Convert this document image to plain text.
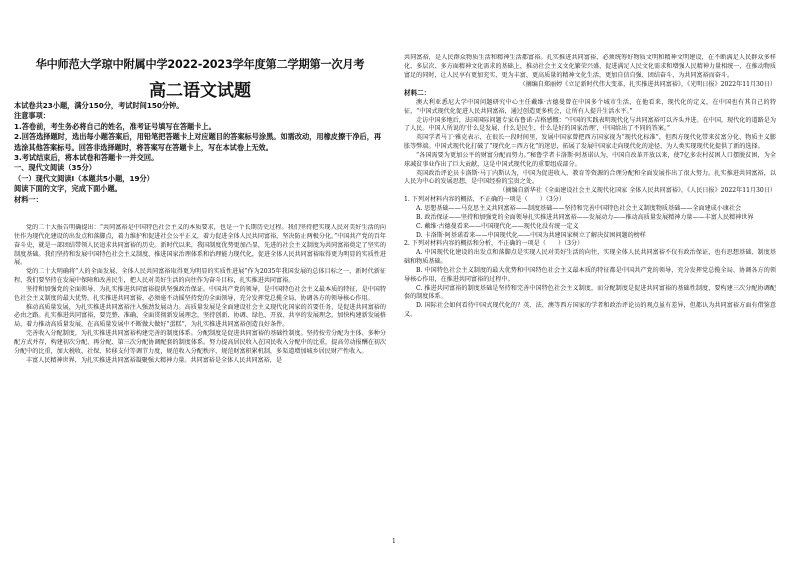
华中师范大学琼中附属中学2022-2023学年度第二学期第一次月考
高二语文试题
本试卷共23小题，满分150分，考试时间150分钟。
注意事项：
1.答卷前，考生务必将自己的姓名，准考证号填写在答题卡上。
2.回答选择题时，选出每小题答案后，用铅笔把答题卡上对应题目的答案标号涂黑。如需改动，用橡皮擦干净后，再选涂其他答案标号。回答非选择题时，将答案写在答题卡上，写在本试卷上无效。
3.考试结束后，将本试卷和答题卡一并交回。
一、现代文阅读（35分）
（一）现代文阅读Ⅰ（本题共5小题，19分）
阅读下面的文字，完成下面小题。
材料一：

党的二十大报告明确提出：“共同富裕是中国特色社会主义的本质要求，也是一个长期历史过程。我们坚持把实现人民对美好生活的向往作为现代化建设的出发点和落脚点，着力维护和促进社会公平正义，着力促进全体人民共同富裕，坚决防止两极分化。”中国共产党的百年奋斗史，就是一部团结带领人民追求共同富裕的历史。新时代以来，我国制度优势更加凸显，先进的社会主义制度为共同富裕奠定了坚实的制度基础。我们坚持和发展中国特色社会主义制度，推进国家治理体系和治理能力现代化，促进全体人民共同富裕取得更为明显的实质性进展。

党的二十大明确将“人的全面发展、全体人民共同富裕取得更为明显的实质性进展”作为2035年我国发展的总体目标之一，新时代新征程，我们要坚持在发展中保障和改善民生，把人民对美好生活的向往作为奋斗目标，扎实推进共同富裕。

坚持和加强党的全面领导，为扎实推进共同富裕提供坚强政治保证。中国共产党的领导，是中国特色社会主义最本质的特征，是中国特色社会主义制度的最大优势。扎实推进共同富裕，必须毫不动摇坚持党的全面领导，充分发挥党总揽全局、协调各方的领导核心作用。

推动高质量发展，为扎实推进共同富裕注入强劲发展动力。高质量发展是全面建设社会主义现代化国家的首要任务，是促进共同富裕的必由之路。扎实推进共同富裕，要完整、准确、全面贯彻新发展理念，坚持创新、协调、绿色、开放、共享的发展理念，加快构建新发展格局，着力推动高质量发展，在高质量发展中不断做大做好“蛋糕”，为扎实推进共同富裕创造良好条件。

完善收入分配制度，为扎实推进共同富裕构建完善的制度体系。分配制度是促进共同富裕的基础性制度。坚持按劳分配为主体、多种分配方式并存，构建初次分配、再分配、第三次分配协调配套的制度体系。努力提高居民收入在国民收入分配中的比重，提高劳动报酬在初次分配中的比重，加大税收、社保、转移支付等调节力度，规范收入分配秩序，规范财富积累机制，多渠道增加城乡居民财产性收入。

丰富人民精神世界，为扎实推进共同富裕凝聚强大精神力量。共同富裕是全体人民共同富裕，是

共同富裕，是人民群众物质生活和精神生活都富裕。扎实推进共同富裕，必须统筹好物质文明和精神文明建设，在不断满足人民群众多样化、多层次、多方面精神文化需求的基础上，推动社会主义文化繁荣兴盛，促进满足人民文化需求和增强人民精神力量相统一，在推动物质富足的同时，让人民享有更加充实、更为丰富、更高质量的精神文化生活，更加自信自强、团结奋斗，为共同富裕而奋斗。

（摘编自郑丽婷《立足新时代伟大变革，扎实推进共同富裕》，《光明日报》2022年11月30日）

材料二：

澳大利亚悉尼大学中国问题研究中心主任戴维·古德曼曾在中国多个城市生活，在他看来，现代化的定义，在中国也有其自己的特征，“中国式现代化促进人民共同富裕，通过创造更多机会，让所有人提升生活水平。”

走访中国多地后，法国国际问题专家布鲁诺·吉格感慨：“中国的实践表明现代化与共同富裕可以齐头并进。在中国，现代化的道路是为了人民。中国人所说的‘什么是发展，什么是民生，什么是好的国家治理’，中国给出了不同的答案。”

英国学者马丁·雅克表示，在很长一段时间里，发展中国家曾把西方国家视为“现代化标准”，但西方现代化带来贫富分化、物质主义膨胀等弊端。中国式现代化打破了“现代化＝西方化”的迷思，拓展了发展中国家走向现代化的途径，为人类实现现代化提供了新的选择。

“各国需要为更加公平的财富分配而努力。”秘鲁学者卡洛斯·阿基诺认为，中国自改革开放以来，使7亿多农村贫困人口摆脱贫困，为全球减贫事业作出了巨大贡献，这是中国式现代化的重要组成部分。

英国政治评论员卡洛斯·马丁内斯认为，中国为促进收入、教育等资源的合理分配和全面发展作出了很大努力。扎实推进共同富裕，以人民为中心的发展思想，是中国经验的宝贵之处。

（摘编自新华社《全面建设社会主义现代化国家 全体人民共同富裕》，《人民日报》2022年11月30日）

1. 下列对材料内容的概括，不正确的一项是（　　）（3分）

A. 思想基础——马克思主义共同富裕——制度基础——坚持和完善中国特色社会主义制度物质基础——全面建成小康社会

B. 政治保证——坚持和加强党的全面领导扎实推进共同富裕——发展动力——推动高质量发展精神力量——丰富人民精神世界

C. 戴维·古德曼看来——中国现代化——现代化没有统一定义

D. 卡洛斯·阿基诺看来——中国现代化——中国为共建国家树立了解决贫困问题的榜样

2. 下列对材料内容的概括和分析，不正确的一项是（　　）（3分）

A. 中国现代化建设的出发点和落脚点是实现人民对美好生活的向往，实现全体人民共同富裕不仅有政治保证，也有思想基础、制度基础和物质基础。

B. 中国特色社会主义制度的最大优势和中国特色社会主义最本质的特征都是中国共产党的领导，充分发挥党总揽全局、协调各方的领导核心作用，在推进共同富裕的过程中。

C. 推进共同富裕的制度基础是坚持和完善中国特色社会主义制度，而分配制度是促进共同富裕的基础性制度，要构建三次分配协调配套的制度体系。

D. 国际社会如何看待中国式现代化的？英、法、澳等西方国家的学者和政治评论员的观点虽有差异，但都认为共同富裕方面有借鉴意义。

1
